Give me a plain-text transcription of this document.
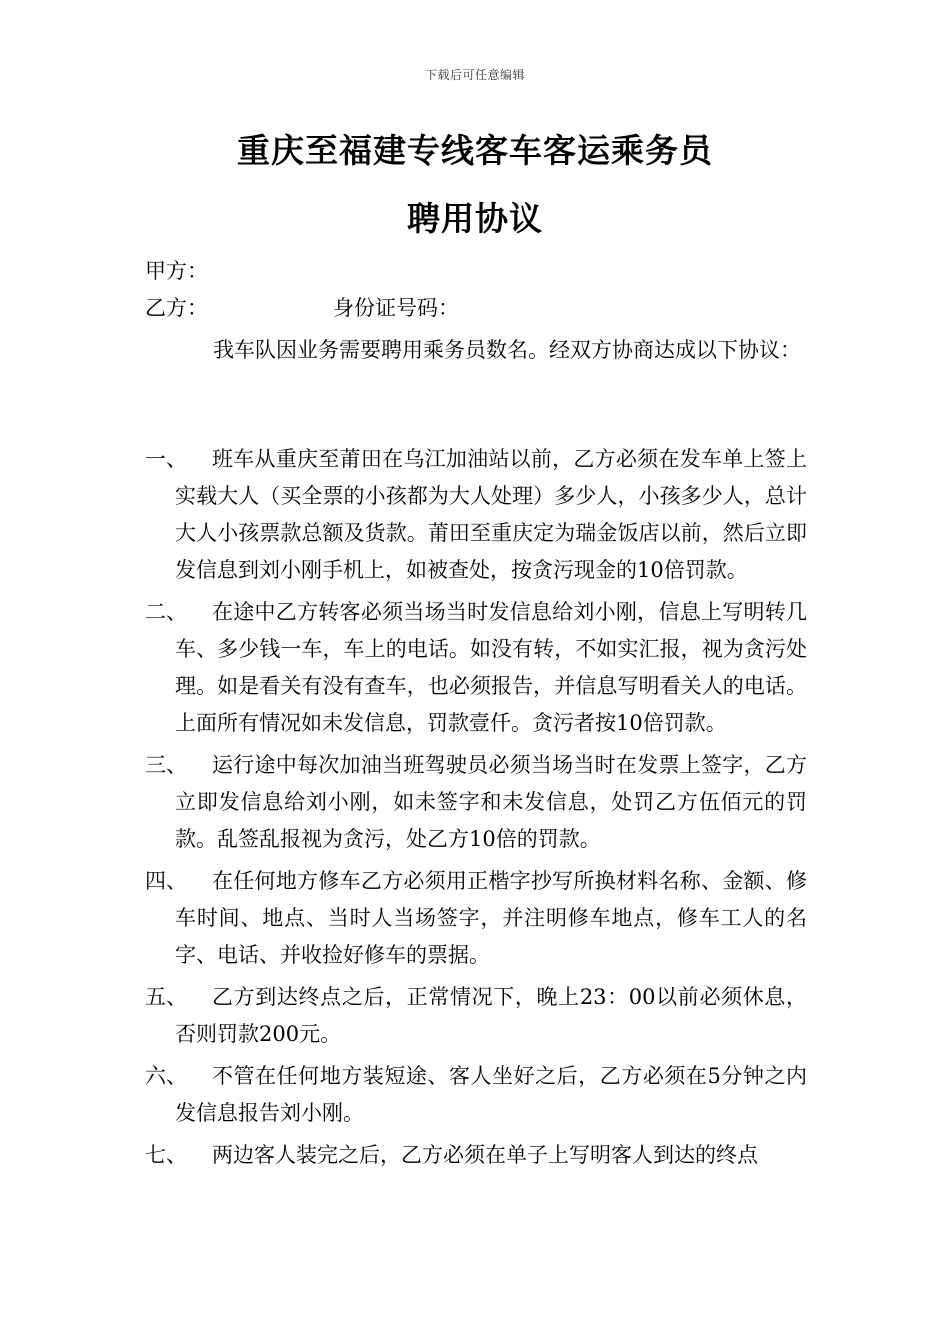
下载后可任意编辑
重庆至福建专线客车客运乘务员
聘用协议
甲方：
乙方：	身份证号码：
我车队因业务需要聘用乘务员数名。经双方协商达成以下协议：
一、	班车从重庆至莆田在乌江加油站以前，乙方必须在发车单上签上实载大人（买全票的小孩都为大人处理）多少人，小孩多少人，总计大人小孩票款总额及货款。莆田至重庆定为瑞金饭店以前，然后立即发信息到刘小刚手机上，如被查处，按贪污现金的10倍罚款。
二、	在途中乙方转客必须当场当时发信息给刘小刚，信息上写明转几车、多少钱一车，车上的电话。如没有转，不如实汇报，视为贪污处理。如是看关有没有查车，也必须报告，并信息写明看关人的电话。上面所有情况如未发信息，罚款壹仟。贪污者按10倍罚款。
三、	运行途中每次加油当班驾驶员必须当场当时在发票上签字，乙方立即发信息给刘小刚，如未签字和未发信息，处罚乙方伍佰元的罚款。乱签乱报视为贪污，处乙方10倍的罚款。
四、	在任何地方修车乙方必须用正楷字抄写所换材料名称、金额、修车时间、地点、当时人当场签字，并注明修车地点，修车工人的名字、电话、并收捡好修车的票据。
五、	乙方到达终点之后，正常情况下，晚上23：00以前必须休息，否则罚款200元。
六、	不管在任何地方装短途、客人坐好之后，乙方必须在5分钟之内发信息报告刘小刚。
七、	两边客人装完之后，乙方必须在单子上写明客人到达的终点
